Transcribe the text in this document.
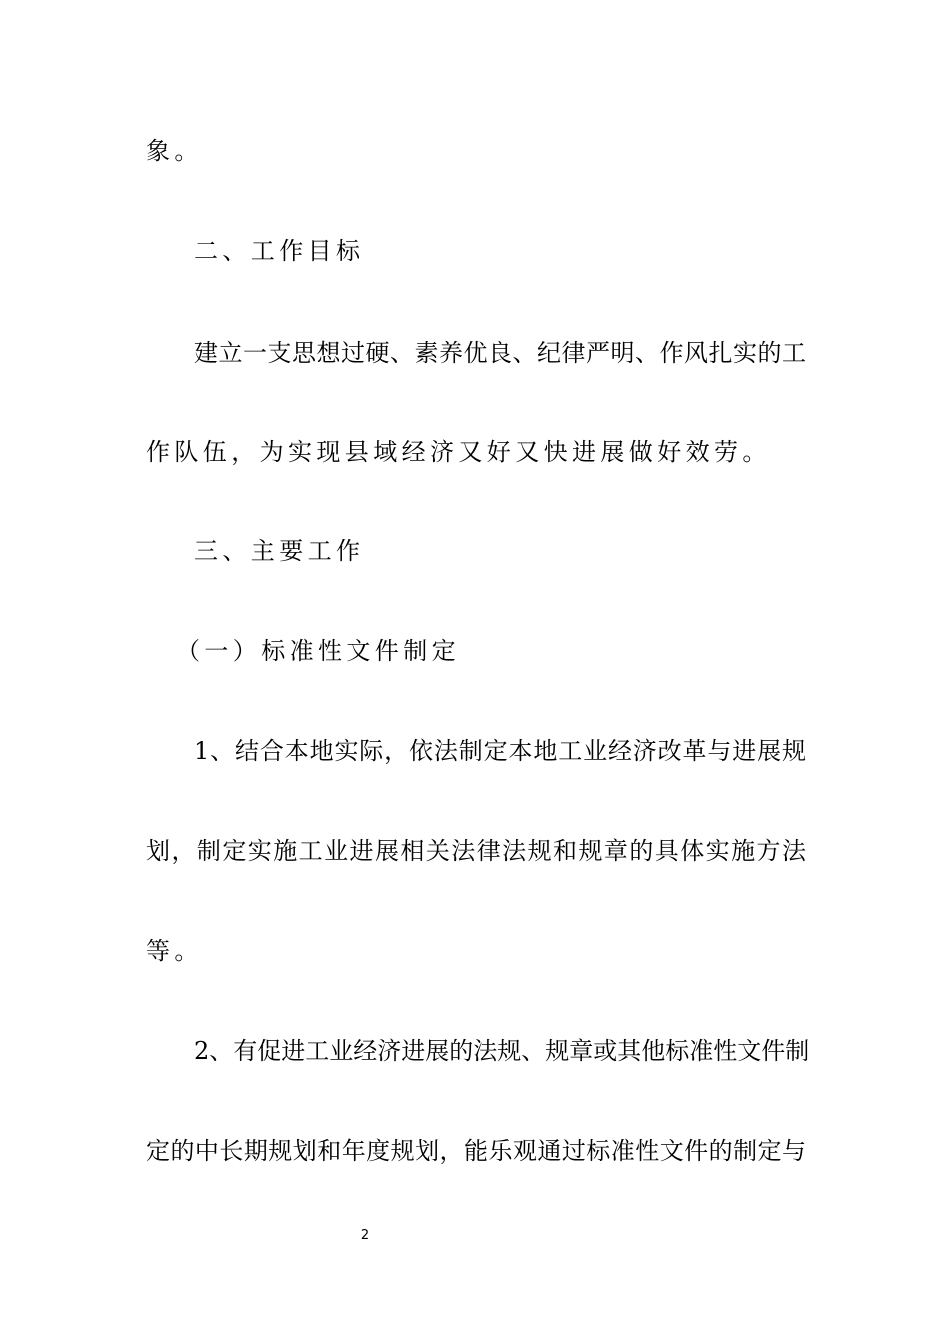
象。
二、工作目标
建立一支思想过硬、素养优良、纪律严明、作风扎实的工
作队伍，为实现县域经济又好又快进展做好效劳。
三、主要工作
（一）标准性文件制定
1、结合本地实际，依法制定本地工业经济改革与进展规
划，制定实施工业进展相关法律法规和规章的具体实施方法
等。
2、有促进工业经济进展的法规、规章或其他标准性文件制
定的中长期规划和年度规划，能乐观通过标准性文件的制定与
2
